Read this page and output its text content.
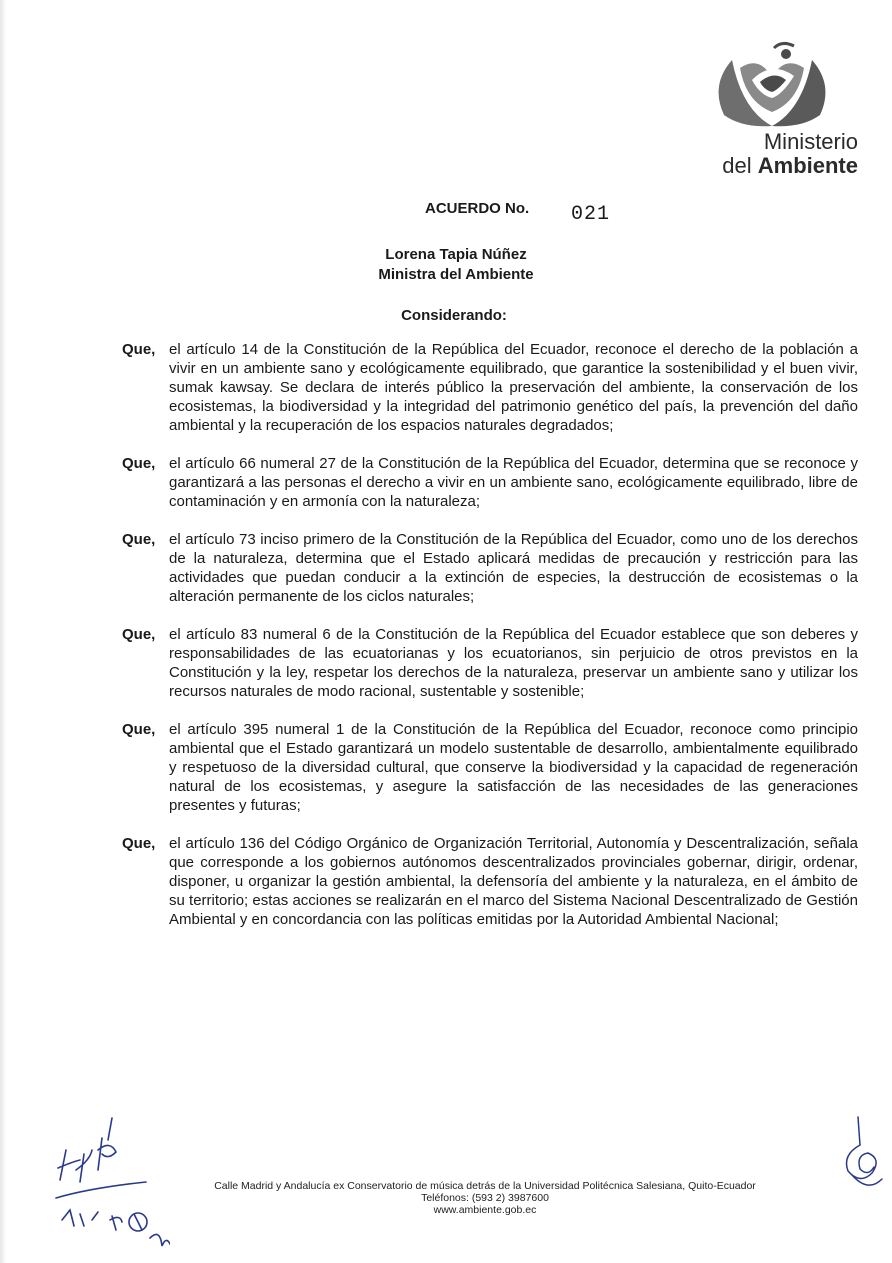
Ministerio
del Ambiente
ACUERDO No. 021
Lorena Tapia Núñez
Ministra del Ambiente
Considerando:
Que, el artículo 14 de la Constitución de la República del Ecuador, reconoce el derecho de la población a vivir en un ambiente sano y ecológicamente equilibrado, que garantice la sostenibilidad y el buen vivir, sumak kawsay. Se declara de interés público la preservación del ambiente, la conservación de los ecosistemas, la biodiversidad y la integridad del patrimonio genético del país, la prevención del daño ambiental y la recuperación de los espacios naturales degradados;
Que, el artículo 66 numeral 27 de la Constitución de la República del Ecuador, determina que se reconoce y garantizará a las personas el derecho a vivir en un ambiente sano, ecológicamente equilibrado, libre de contaminación y en armonía con la naturaleza;
Que, el artículo 73 inciso primero de la Constitución de la República del Ecuador, como uno de los derechos de la naturaleza, determina que el Estado aplicará medidas de precaución y restricción para las actividades que puedan conducir a la extinción de especies, la destrucción de ecosistemas o la alteración permanente de los ciclos naturales;
Que, el artículo 83 numeral 6 de la Constitución de la República del Ecuador establece que son deberes y responsabilidades de las ecuatorianas y los ecuatorianos, sin perjuicio de otros previstos en la Constitución y la ley, respetar los derechos de la naturaleza, preservar un ambiente sano y utilizar los recursos naturales de modo racional, sustentable y sostenible;
Que, el artículo 395 numeral 1 de la Constitución de la República del Ecuador, reconoce como principio ambiental que el Estado garantizará un modelo sustentable de desarrollo, ambientalmente equilibrado y respetuoso de la diversidad cultural, que conserve la biodiversidad y la capacidad de regeneración natural de los ecosistemas, y asegure la satisfacción de las necesidades de las generaciones presentes y futuras;
Que, el artículo 136 del Código Orgánico de Organización Territorial, Autonomía y Descentralización, señala que corresponde a los gobiernos autónomos descentralizados provinciales gobernar, dirigir, ordenar, disponer, u organizar la gestión ambiental, la defensoría del ambiente y la naturaleza, en el ámbito de su territorio; estas acciones se realizarán en el marco del Sistema Nacional Descentralizado de Gestión Ambiental y en concordancia con las políticas emitidas por la Autoridad Ambiental Nacional;
Calle Madrid y Andalucía ex Conservatorio de música detrás de la Universidad Politécnica Salesiana, Quito-Ecuador
Teléfonos: (593 2) 3987600
www.ambiente.gob.ec
